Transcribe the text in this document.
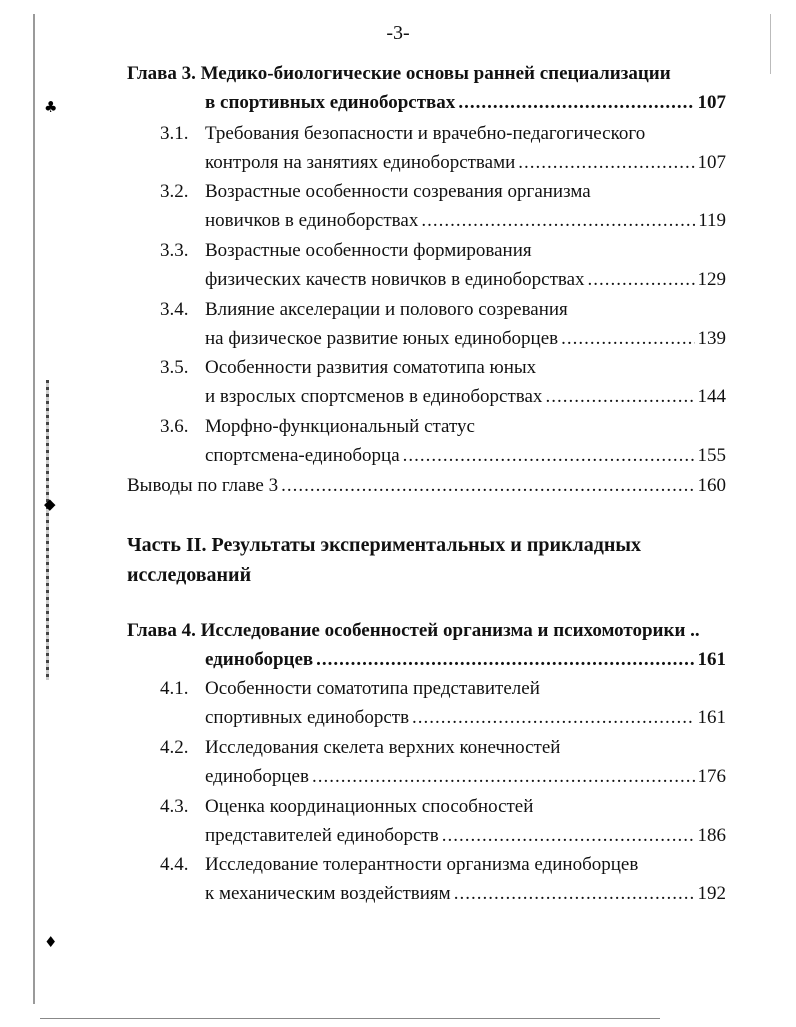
♣
◆
♦
-3-
Глава 3.
Медико-биологические основы ранней специализации
в спортивных единоборствах .....	107
3.1. Требования безопасности и врачебно-педагогического
контроля на занятиях единоборствами .....	107
3.2. Возрастные особенности созревания организма
новичков в единоборствах .....	119
3.3. Возрастные особенности формирования
физических качеств новичков в единоборствах .....	129
3.4. Влияние акселерации и полового созревания
на физическое развитие юных единоборцев .....	139
3.5. Особенности развития соматотипа юных
и взрослых спортсменов в единоборствах .....	144
3.6. Морфно-функциональный статус
спортсмена-единоборца .....	155
Выводы по главе 3 .....	160
Часть II. Результаты экспериментальных и прикладных
исследований
Глава 4.
Исследование особенностей организма и психомоторики ..
единоборцев .....	161
4.1. Особенности соматотипа представителей
спортивных единоборств .....	161
4.2. Исследования скелета верхних конечностей
единоборцев .....	176
4.3. Оценка координационных способностей
представителей единоборств .....	186
4.4. Исследование толерантности организма единоборцев
к механическим воздействиям .....	192
